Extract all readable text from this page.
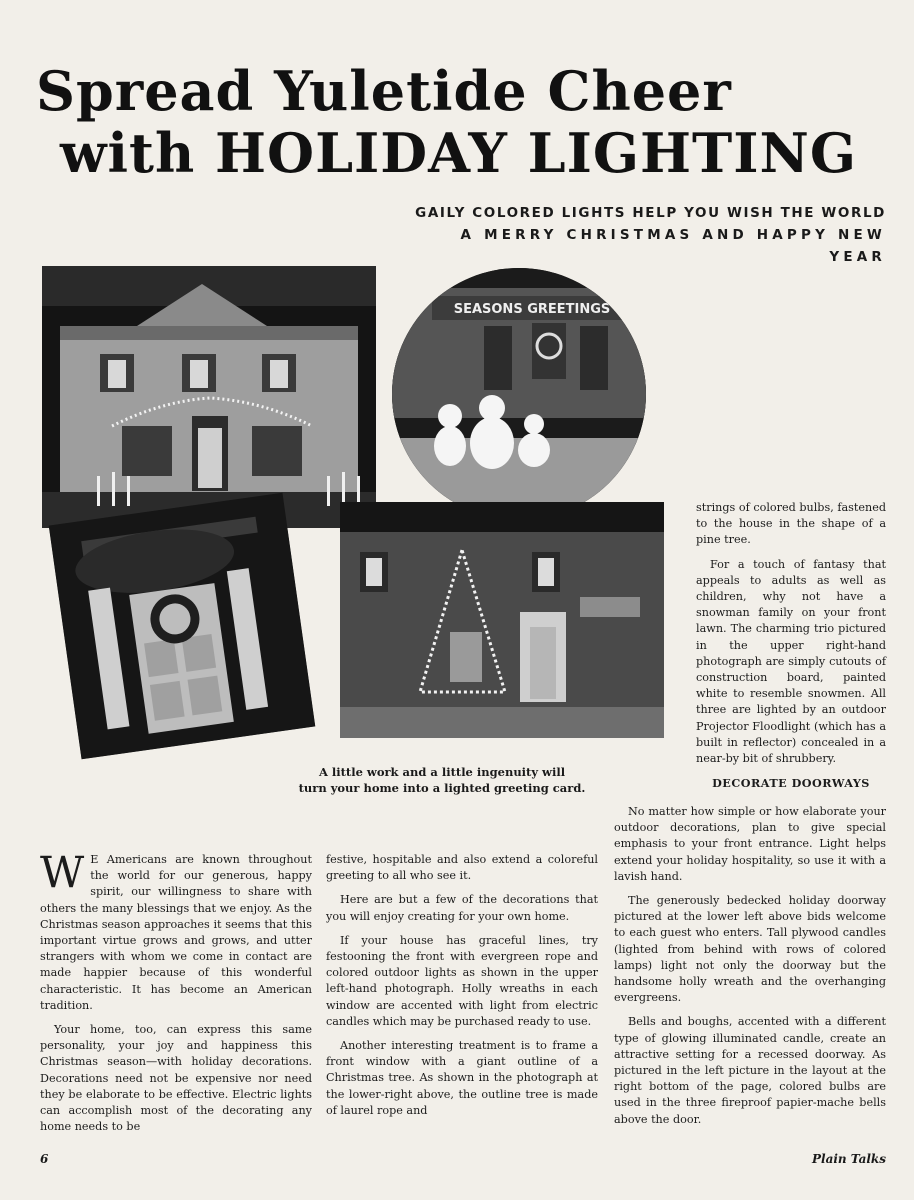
Spread Yuletide Cheer
with HOLIDAY LIGHTING
GAILY COLORED LIGHTS HELP YOU WISH THE WORLD
A MERRY CHRISTMAS AND HAPPY NEW YEAR
SEASONS GREETINGS
A little work and a little ingenuity will
turn your home into a lighted greeting card.

strings of colored bulbs, fastened to the house in the shape of a pine tree.

For a touch of fantasy that appeals to adults as well as children, why not have a snowman family on your front lawn. The charming trio pictured in the upper right-hand photograph are simply cutouts of construction board, painted white to resemble snowmen. All three are lighted by an outdoor Projector Floodlight (which has a built in reflector) concealed in a near-by bit of shrubbery.

DECORATE DOORWAYS

W E Americans are known throughout the world for our generous, happy spirit, our willingness to share with others the many blessings that we enjoy. As the Christmas season approaches it seems that this important virtue grows and grows, and utter strangers with whom we come in contact are made happier because of this wonderful characteristic. It has become an American tradition.

Your home, too, can express this same personality, your joy and happiness this Christmas season—with holiday decorations. Decorations need not be expensive nor need they be elaborate to be effective. Electric lights can accomplish most of the decorating any home needs to be

festive, hospitable and also extend a coloreful greeting to all who see it.

Here are but a few of the decorations that you will enjoy creating for your own home.

If your house has graceful lines, try festooning the front with evergreen rope and colored outdoor lights as shown in the upper left-hand photograph. Holly wreaths in each window are accented with light from electric candles which may be purchased ready to use.

Another interesting treatment is to frame a front window with a giant outline of a Christmas tree. As shown in the photograph at the lower-right above, the outline tree is made of laurel rope and

No matter how simple or how elaborate your outdoor decorations, plan to give special emphasis to your front entrance. Light helps extend your holiday hospitality, so use it with a lavish hand.

The generously bedecked holiday doorway pictured at the lower left above bids welcome to each guest who enters. Tall plywood candles (lighted from behind with rows of colored lamps) light not only the doorway but the handsome holly wreath and the overhanging evergreens.

Bells and boughs, accented with a different type of glowing illuminated candle, create an attractive setting for a recessed doorway. As pictured in the left picture in the layout at the right bottom of the page, colored bulbs are used in the three fireproof papier-mache bells above the door.

6	Plain Talks
